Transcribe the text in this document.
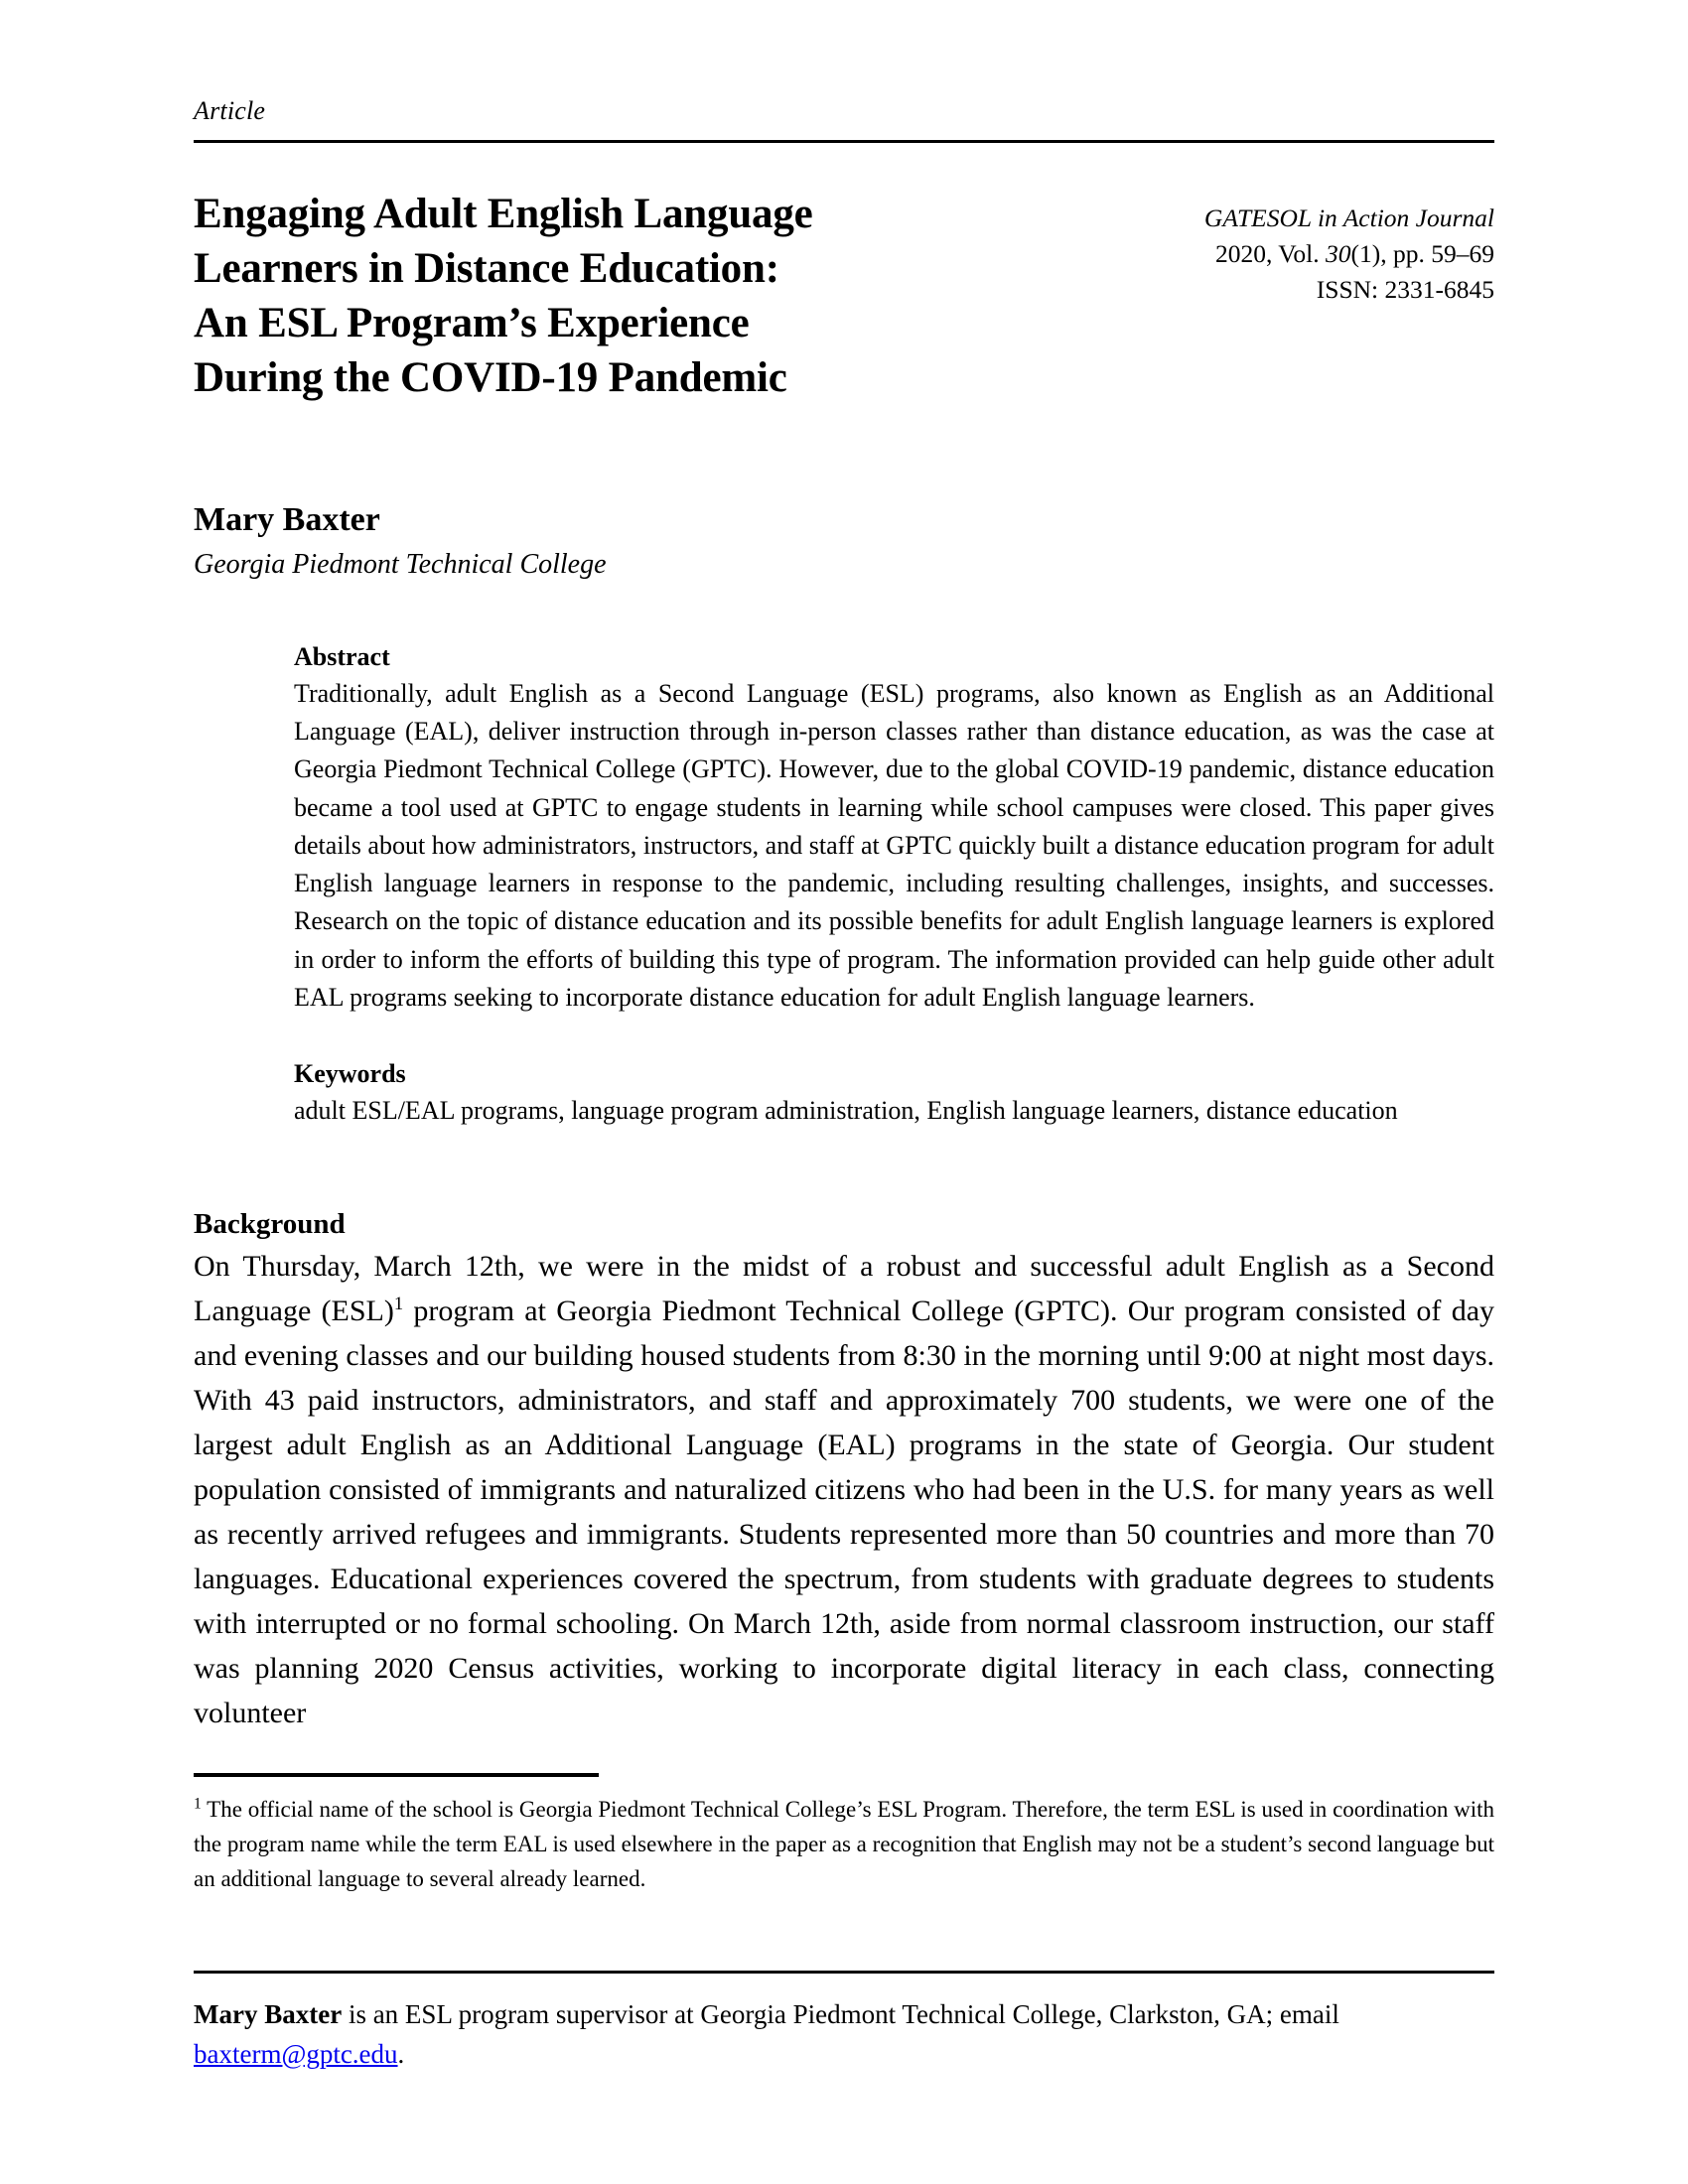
Article
Engaging Adult English Language
Learners in Distance Education:
An ESL Program’s Experience
During the COVID-19 Pandemic
GATESOL in Action Journal
2020, Vol. 30(1), pp. 59–69
ISSN: 2331-6845
Mary Baxter
Georgia Piedmont Technical College
Abstract

Traditionally, adult English as a Second Language (ESL) programs, also known as English as an Additional Language (EAL), deliver instruction through in-person classes rather than distance education, as was the case at Georgia Piedmont Technical College (GPTC). However, due to the global COVID-19 pandemic, distance education became a tool used at GPTC to engage students in learning while school campuses were closed. This paper gives details about how administrators, instructors, and staff at GPTC quickly built a distance education program for adult English language learners in response to the pandemic, including resulting challenges, insights, and successes. Research on the topic of distance education and its possible benefits for adult English language learners is explored in order to inform the efforts of building this type of program. The information provided can help guide other adult EAL programs seeking to incorporate distance education for adult English language learners.

Keywords

adult ESL/EAL programs, language program administration, English language learners, distance education

Background

On Thursday, March 12th, we were in the midst of a robust and successful adult English as a Second Language (ESL)$^1$ program at Georgia Piedmont Technical College (GPTC). Our program consisted of day and evening classes and our building housed students from 8:30 in the morning until 9:00 at night most days. With 43 paid instructors, administrators, and staff and approximately 700 students, we were one of the largest adult English as an Additional Language (EAL) programs in the state of Georgia. Our student population consisted of immigrants and naturalized citizens who had been in the U.S. for many years as well as recently arrived refugees and immigrants. Students represented more than 50 countries and more than 70 languages. Educational experiences covered the spectrum, from students with graduate degrees to students with interrupted or no formal schooling. On March 12th, aside from normal classroom instruction, our staff was planning 2020 Census activities, working to incorporate digital literacy in each class, connecting volunteer

$^1$ The official name of the school is Georgia Piedmont Technical College’s ESL Program. Therefore, the term ESL is used in coordination with the program name while the term EAL is used elsewhere in the paper as a recognition that English may not be a student’s second language but an additional language to several already learned.

Mary Baxter is an ESL program supervisor at Georgia Piedmont Technical College, Clarkston, GA; email baxterm@gptc.edu.
